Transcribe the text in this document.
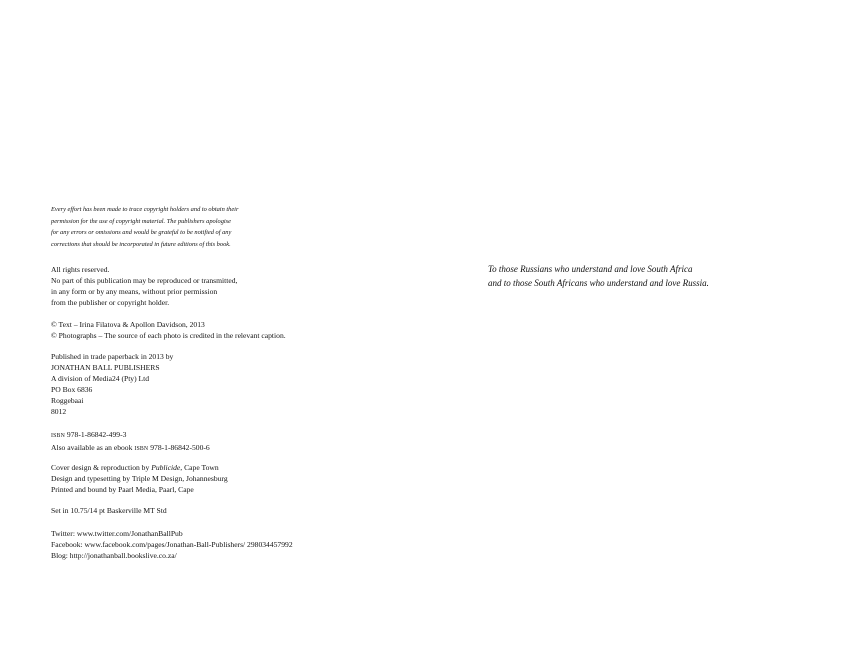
Every effort has been made to trace copyright holders and to obtain their
permission for the use of copyright material. The publishers apologise
for any errors or omissions and would be grateful to be notified of any
corrections that should be incorporated in future editions of this book.

All rights reserved.

No part of this publication may be reproduced or transmitted,

in any form or by any means, without prior permission

from the publisher or copyright holder.

© Text – Irina Filatova & Apollon Davidson, 2013

© Photographs – The source of each photo is credited in the relevant caption.

Published in trade paperback in 2013 by

JONATHAN BALL PUBLISHERS

A division of Media24 (Pty) Ltd

PO Box 6836

Roggebaai

8012

ISBN 978-1-86842-499-3

Also available as an ebook ISBN 978-1-86842-500-6

Cover design & reproduction by Publicide, Cape Town

Design and typesetting by Triple M Design, Johannesburg

Printed and bound by Paarl Media, Paarl, Cape

Set in 10.75/14 pt Baskerville MT Std

Twitter: www.twitter.com/JonathanBallPub

Facebook: www.facebook.com/pages/Jonathan-Ball-Publishers/ 298034457992

Blog: http://jonathanball.bookslive.co.za/

To those Russians who understand and love South Africa

and to those South Africans who understand and love Russia.
